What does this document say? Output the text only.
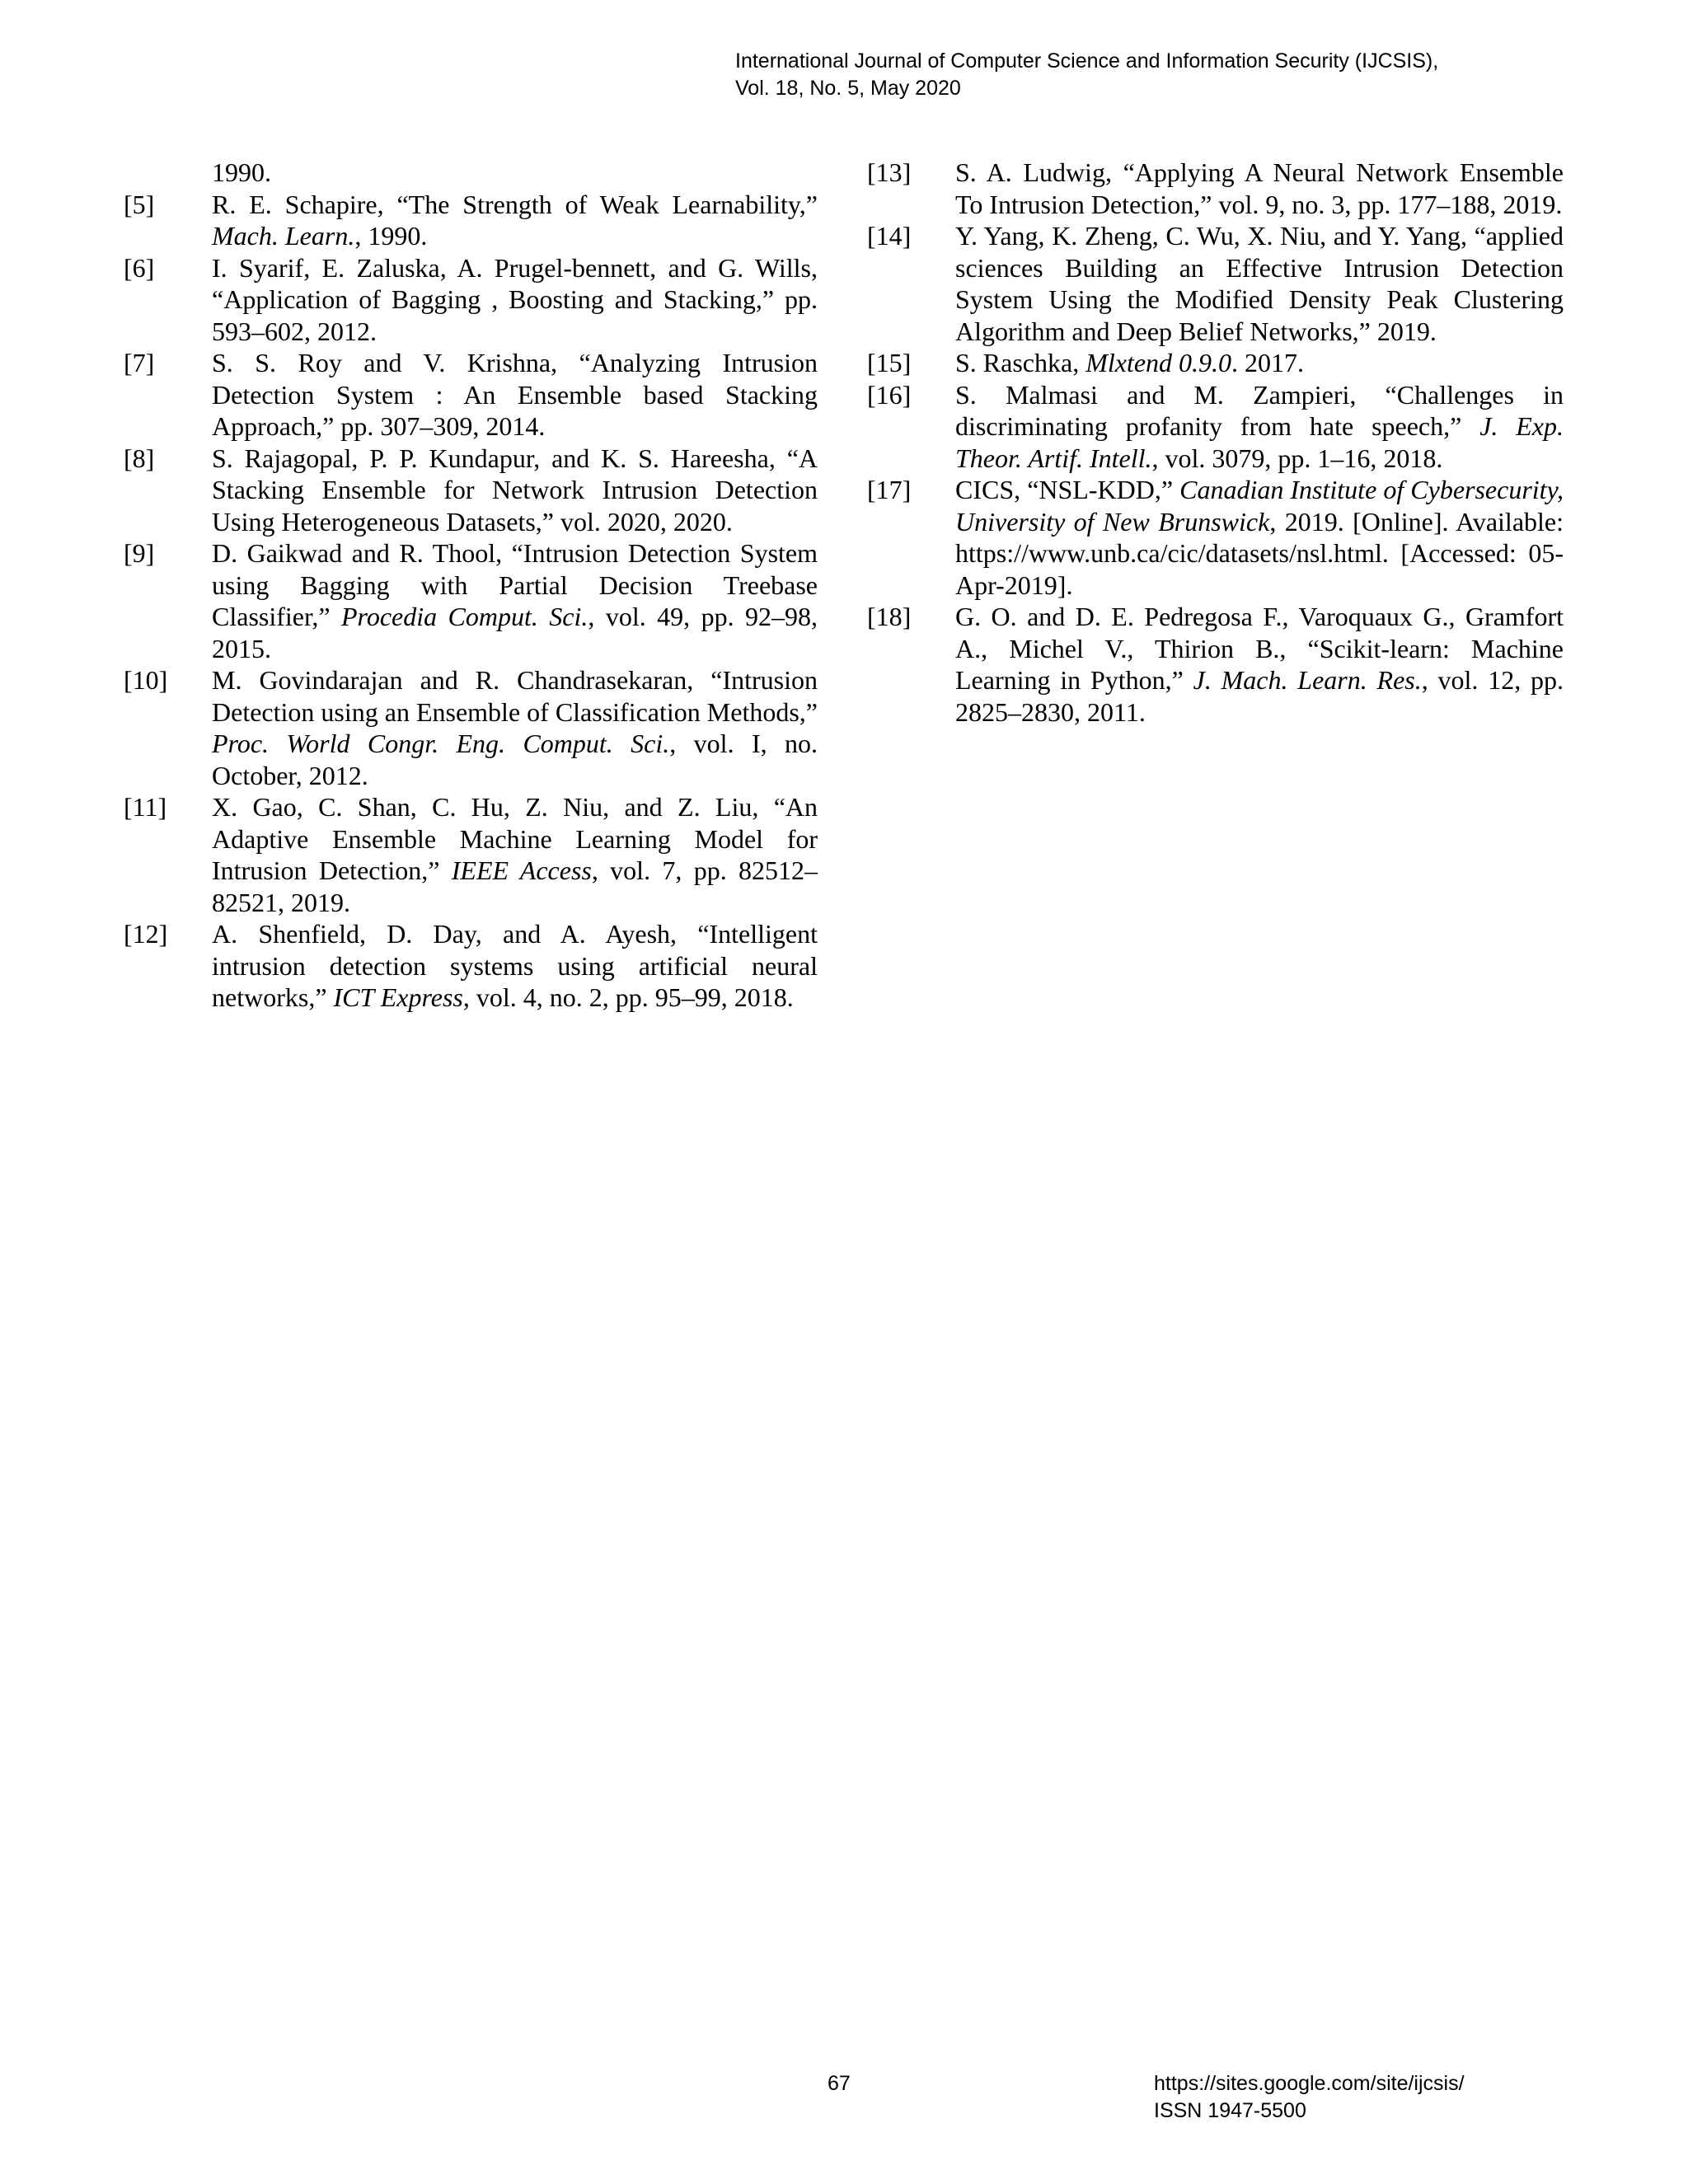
International Journal of Computer Science and Information Security (IJCSIS),
Vol. 18, No. 5, May 2020
1990.
[5]	R. E. Schapire, “The Strength of Weak Learnability,” Mach. Learn., 1990.
[6]	I. Syarif, E. Zaluska, A. Prugel-bennett, and G. Wills, “Application of Bagging , Boosting and Stacking,” pp. 593–602, 2012.
[7]	S. S. Roy and V. Krishna, “Analyzing Intrusion Detection System : An Ensemble based Stacking Approach,” pp. 307–309, 2014.
[8]	S. Rajagopal, P. P. Kundapur, and K. S. Hareesha, “A Stacking Ensemble for Network Intrusion Detection Using Heterogeneous Datasets,” vol. 2020, 2020.
[9]	D. Gaikwad and R. Thool, “Intrusion Detection System using Bagging with Partial Decision Treebase Classifier,” Procedia Comput. Sci., vol. 49, pp. 92–98, 2015.
[10]	M. Govindarajan and R. Chandrasekaran, “Intrusion Detection using an Ensemble of Classification Methods,” Proc. World Congr. Eng. Comput. Sci., vol. I, no. October, 2012.
[11]	X. Gao, C. Shan, C. Hu, Z. Niu, and Z. Liu, “An Adaptive Ensemble Machine Learning Model for Intrusion Detection,” IEEE Access, vol. 7, pp. 82512–82521, 2019.
[12]	A. Shenfield, D. Day, and A. Ayesh, “Intelligent intrusion detection systems using artificial neural networks,” ICT Express, vol. 4, no. 2, pp. 95–99, 2018.
[13]	S. A. Ludwig, “Applying A Neural Network Ensemble To Intrusion Detection,” vol. 9, no. 3, pp. 177–188, 2019.
[14]	Y. Yang, K. Zheng, C. Wu, X. Niu, and Y. Yang, “applied sciences Building an Effective Intrusion Detection System Using the Modified Density Peak Clustering Algorithm and Deep Belief Networks,” 2019.
[15]	S. Raschka, Mlxtend 0.9.0. 2017.
[16]	S. Malmasi and M. Zampieri, “Challenges in discriminating profanity from hate speech,” J. Exp. Theor. Artif. Intell., vol. 3079, pp. 1–16, 2018.
[17]	CICS, “NSL-KDD,” Canadian Institute of Cybersecurity, University of New Brunswick, 2019. [Online]. Available: https://www.unb.ca/cic/datasets/nsl.html. [Accessed: 05-Apr-2019].
[18]	G. O. and D. E. Pedregosa F., Varoquaux G., Gramfort A., Michel V., Thirion B., “Scikit-learn: Machine Learning in Python,” J. Mach. Learn. Res., vol. 12, pp. 2825–2830, 2011.
67	https://sites.google.com/site/ijcsis/
ISSN 1947-5500
